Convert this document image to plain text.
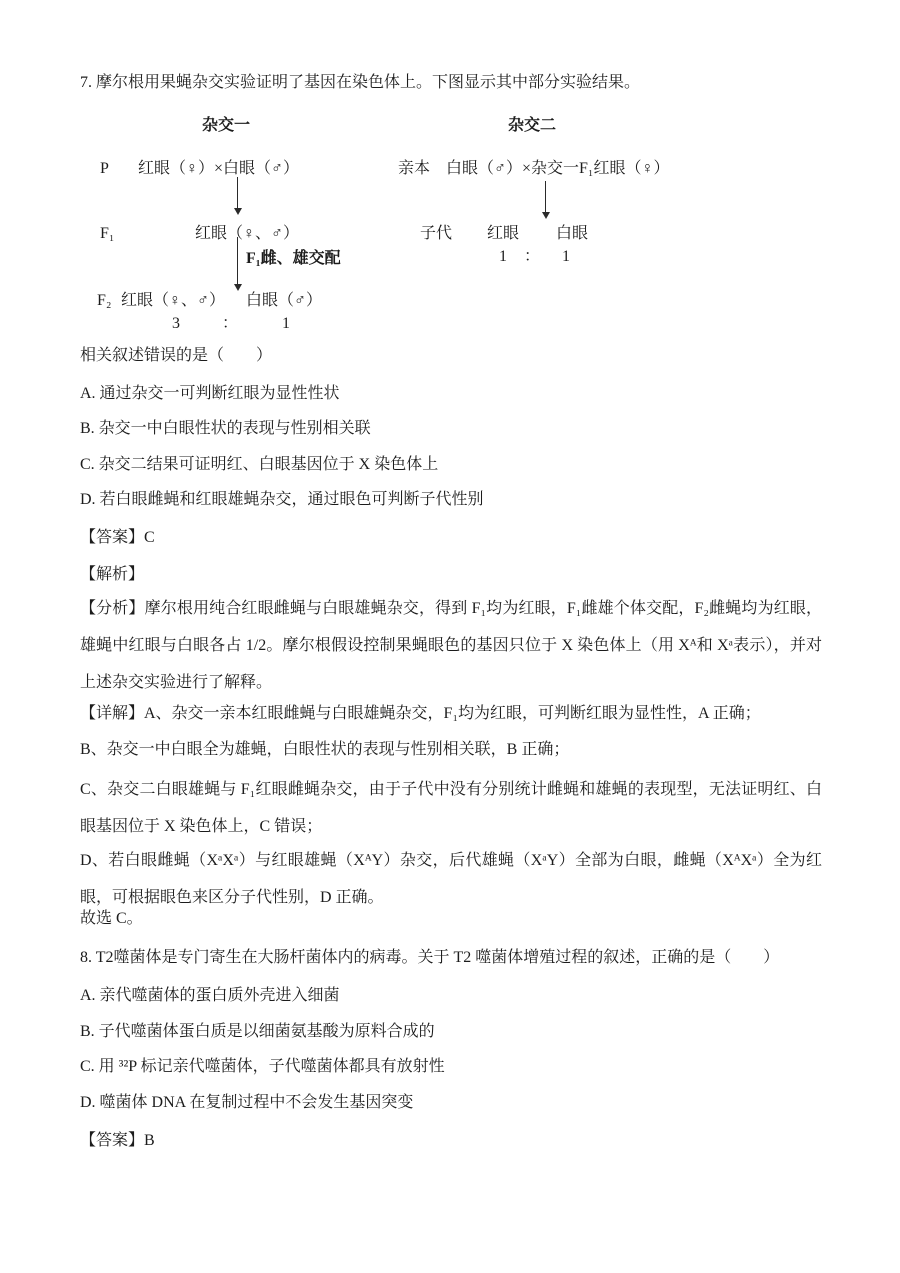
7. 摩尔根用果蝇杂交实验证明了基因在染色体上。下图显示其中部分实验结果。
杂交一	杂交二
P 红眼（♀）×白眼（♂）	亲本　白眼（♂）×杂交一F₁红眼（♀）
F₁	红眼（♀、♂）	子代 红眼 白眼
1 ： 1
F₁雌、雄交配
F₂ 红眼（♀、♂） 白眼（♂）
3	：	1
相关叙述错误的是（　　）
A. 通过杂交一可判断红眼为显性性状
B. 杂交一中白眼性状的表现与性别相关联
C. 杂交二结果可证明红、白眼基因位于 X 染色体上
D. 若白眼雌蝇和红眼雄蝇杂交，通过眼色可判断子代性别
【答案】C
【解析】
【分析】摩尔根用纯合红眼雌蝇与白眼雄蝇杂交，得到 F₁均为红眼，F₁雌雄个体交配，F₂雌蝇均为红眼，雄蝇中红眼与白眼各占 1/2。摩尔根假设控制果蝇眼色的基因只位于 X 染色体上（用 Xᴬ和 Xᵃ表示），并对上述杂交实验进行了解释。
【详解】A、杂交一亲本红眼雌蝇与白眼雄蝇杂交，F₁均为红眼，可判断红眼为显性性，A 正确；
B、杂交一中白眼全为雄蝇，白眼性状的表现与性别相关联，B 正确；
C、杂交二白眼雄蝇与 F₁红眼雌蝇杂交，由于子代中没有分别统计雌蝇和雄蝇的表现型，无法证明红、白眼基因位于 X 染色体上，C 错误；
D、若白眼雌蝇（XᵃXᵃ）与红眼雄蝇（XᴬY）杂交，后代雄蝇（XᵃY）全部为白眼，雌蝇（XᴬXᵃ）全为红眼，可根据眼色来区分子代性别，D 正确。
故选 C。
8. T2噬菌体是专门寄生在大肠杆菌体内的病毒。关于 T2 噬菌体增殖过程的叙述，正确的是（　　）
A. 亲代噬菌体的蛋白质外壳进入细菌
B. 子代噬菌体蛋白质是以细菌氨基酸为原料合成的
C. 用 ³²P 标记亲代噬菌体，子代噬菌体都具有放射性
D. 噬菌体 DNA 在复制过程中不会发生基因突变
【答案】B
